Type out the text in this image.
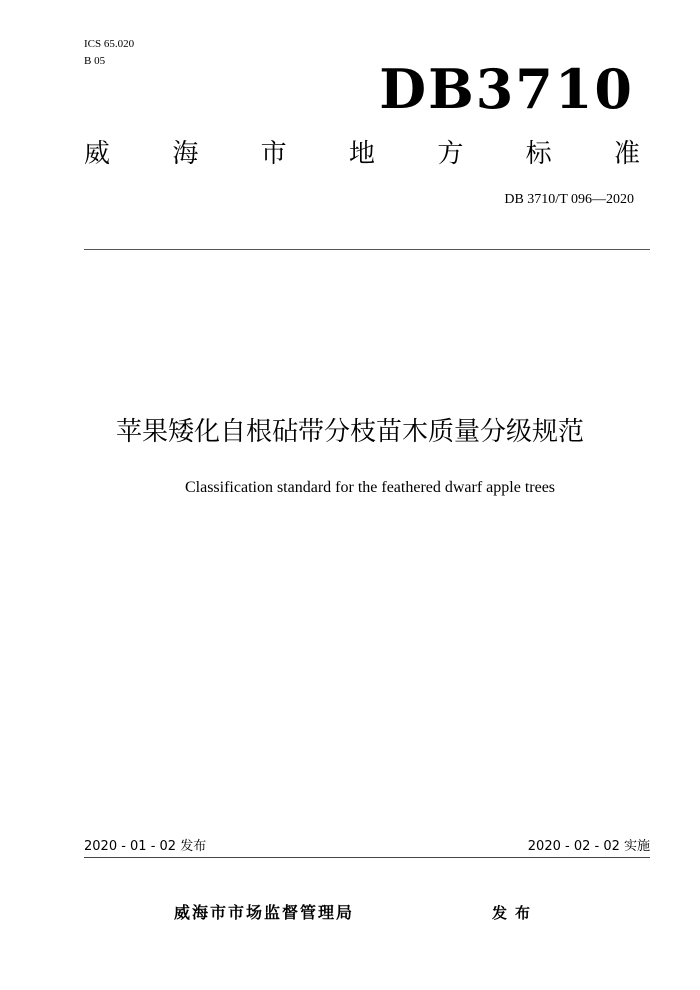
ICS 65.020
B 05	DB3710
威 海 市 地 方 标 准
DB 3710/T 096—2020
苹果矮化自根砧带分枝苗木质量分级规范
Classification standard for the feathered dwarf apple trees
2020 - 01 - 02 发布	2020 - 02 - 02 实施
威海市市场监督管理局	发布
